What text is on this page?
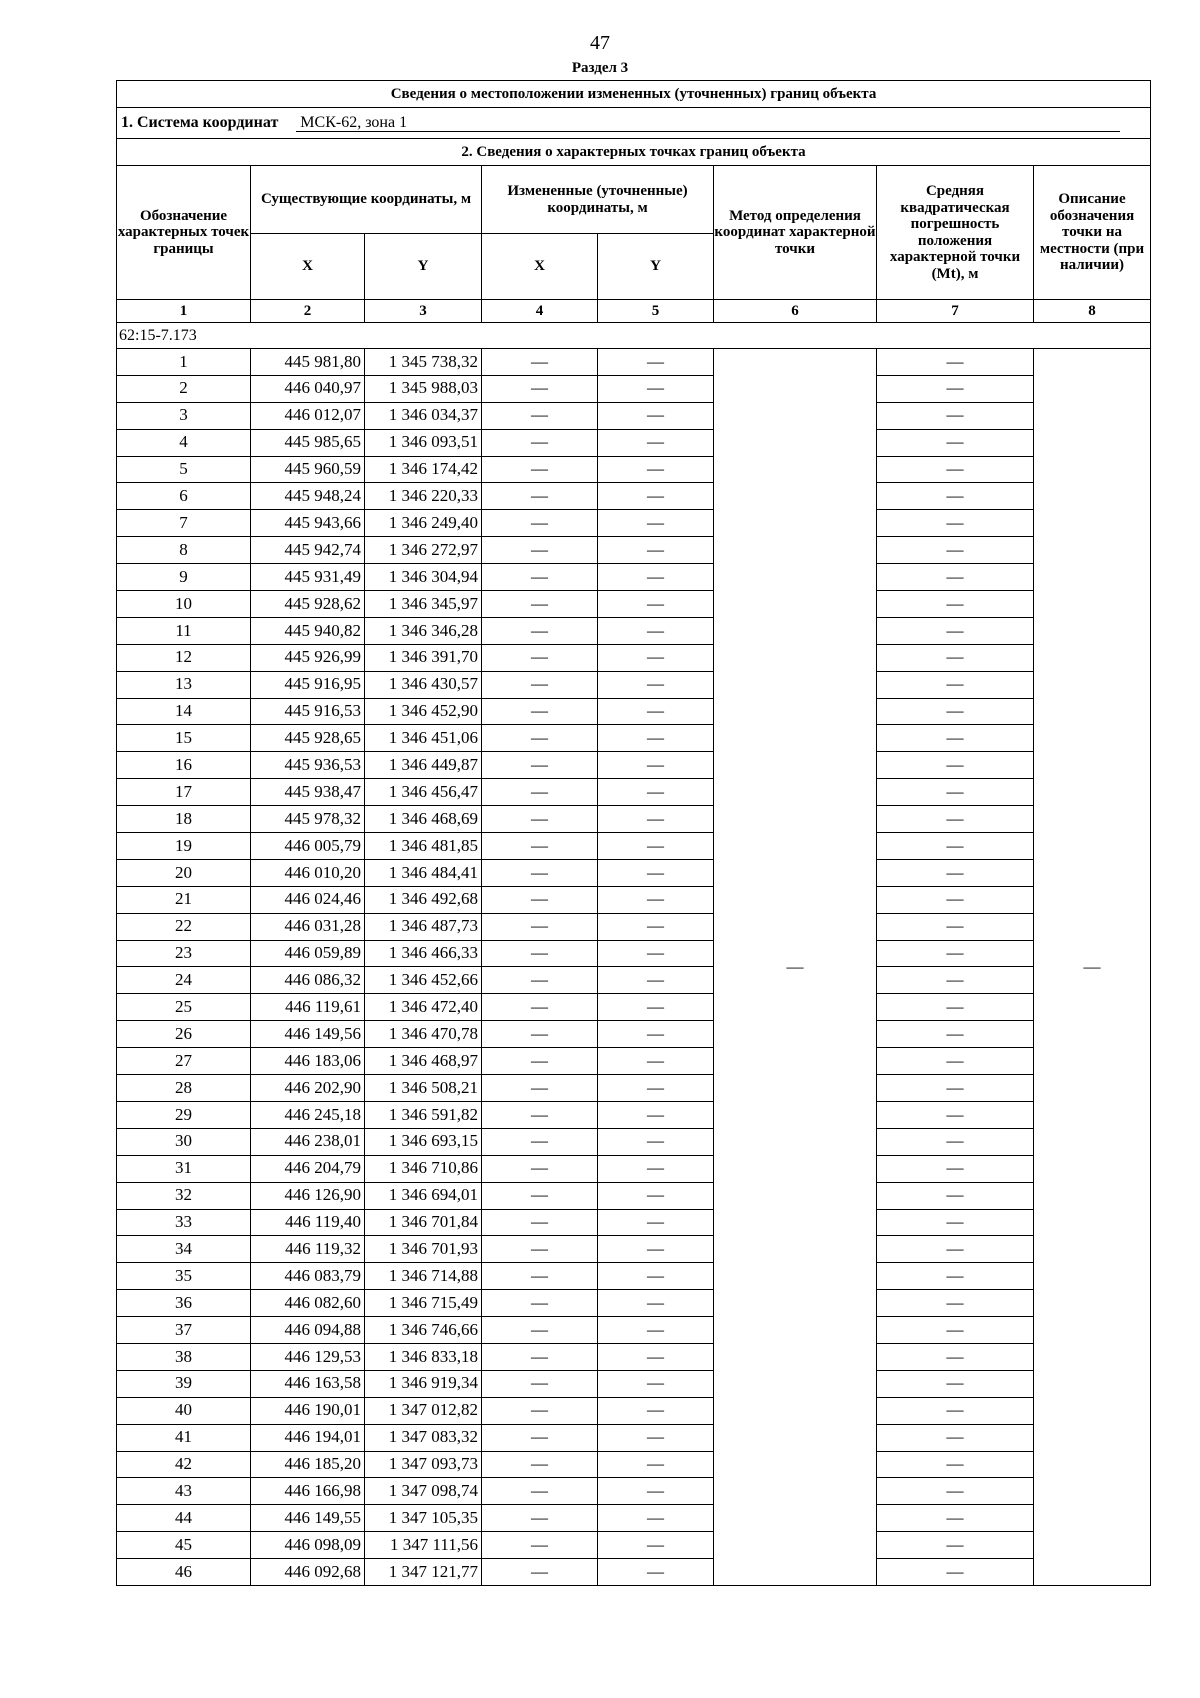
47
Раздел 3
Сведения о местоположении измененных (уточненных) границ объекта							
1. Система координат МСК-62, зона 1							
2. Сведения о характерных точках границ объекта							
Обозначение характерных точек границы	Существующие координаты, м		Измененные (уточненные) координаты, м		Метод определения координат характерной точки	Средняя квадратическая погрешность положения характерной точки (Mt), м	Описание обозначения точки на местности (при наличии)
	X	Y	X	Y			
1	2	3	4	5	6	7	8
62:15-7.173							
1	445 981,80	1 345 738,32	—	—	—	—	—
2	446 040,97	1 345 988,03	—	—		—	
3	446 012,07	1 346 034,37	—	—		—	
4	445 985,65	1 346 093,51	—	—		—	
5	445 960,59	1 346 174,42	—	—		—	
6	445 948,24	1 346 220,33	—	—		—	
7	445 943,66	1 346 249,40	—	—		—	
8	445 942,74	1 346 272,97	—	—		—	
9	445 931,49	1 346 304,94	—	—		—	
10	445 928,62	1 346 345,97	—	—		—	
11	445 940,82	1 346 346,28	—	—		—	
12	445 926,99	1 346 391,70	—	—		—	
13	445 916,95	1 346 430,57	—	—		—	
14	445 916,53	1 346 452,90	—	—		—	
15	445 928,65	1 346 451,06	—	—		—	
16	445 936,53	1 346 449,87	—	—		—	
17	445 938,47	1 346 456,47	—	—		—	
18	445 978,32	1 346 468,69	—	—		—	
19	446 005,79	1 346 481,85	—	—		—	
20	446 010,20	1 346 484,41	—	—		—	
21	446 024,46	1 346 492,68	—	—		—	
22	446 031,28	1 346 487,73	—	—		—	
23	446 059,89	1 346 466,33	—	—		—	
24	446 086,32	1 346 452,66	—	—		—	
25	446 119,61	1 346 472,40	—	—		—	
26	446 149,56	1 346 470,78	—	—		—	
27	446 183,06	1 346 468,97	—	—		—	
28	446 202,90	1 346 508,21	—	—		—	
29	446 245,18	1 346 591,82	—	—		—	
30	446 238,01	1 346 693,15	—	—		—	
31	446 204,79	1 346 710,86	—	—		—	
32	446 126,90	1 346 694,01	—	—		—	
33	446 119,40	1 346 701,84	—	—		—	
34	446 119,32	1 346 701,93	—	—		—	
35	446 083,79	1 346 714,88	—	—		—	
36	446 082,60	1 346 715,49	—	—		—	
37	446 094,88	1 346 746,66	—	—		—	
38	446 129,53	1 346 833,18	—	—		—	
39	446 163,58	1 346 919,34	—	—		—	
40	446 190,01	1 347 012,82	—	—		—	
41	446 194,01	1 347 083,32	—	—		—	
42	446 185,20	1 347 093,73	—	—		—	
43	446 166,98	1 347 098,74	—	—		—	
44	446 149,55	1 347 105,35	—	—		—	
45	446 098,09	1 347 111,56	—	—		—	
46	446 092,68	1 347 121,77	—	—		—	
